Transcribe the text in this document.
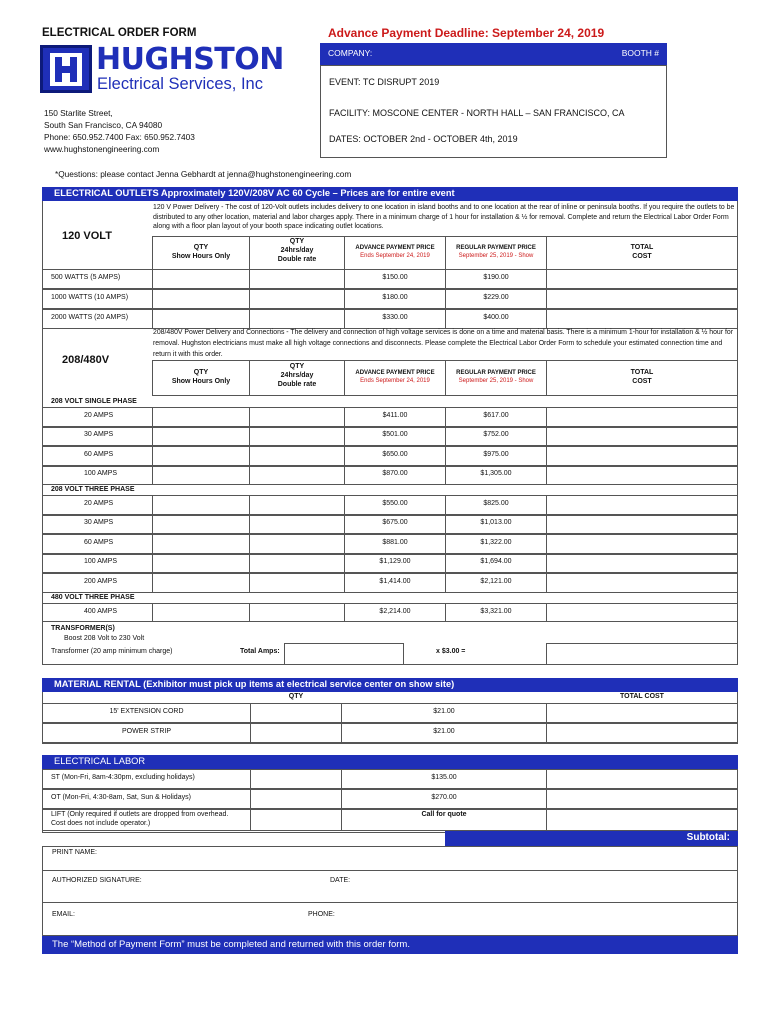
ELECTRICAL ORDER FORM	Advance Payment Deadline: September 24, 2019
HUGHSTON
Electrical Services, Inc
150 Starlite Street,
South San Francisco, CA 94080
Phone: 650.952.7400 Fax: 650.952.7403
www.hughstonengineering.com
COMPANY:	BOOTH #
EVENT: TC DISRUPT 2019
FACILITY: MOSCONE CENTER - NORTH HALL – SAN FRANCISCO, CA
DATES: OCTOBER 2nd - OCTOBER 4th, 2019
*Questions: please contact Jenna Gebhardt at jenna@hughstonengineering.com
ELECTRICAL OUTLETS Approximately 120V/208V AC 60 Cycle – Prices are for entire event
120 VOLT
120 V Power Delivery - The cost of 120-Volt outlets includes delivery to one location in island booths and to one location at the rear of inline or peninsula booths. If you require the outlets to be distributed to any other location, material and labor charges apply. There in a minimum charge of 1 hour for installation & ½ for removal. Complete and return the Electrical Labor Order Form along with a floor plan layout of your booth space indicating outlet locations.
QTY
Show Hours Only
QTY
24hrs/day
Double rate
ADVANCE PAYMENT PRICE
Ends September 24, 2019
REGULAR PAYMENT PRICE
September 25, 2019 - Show
TOTAL
COST
500 WATTS (5 AMPS)	$150.00	$190.00
1000 WATTS (10 AMPS)	$180.00	$229.00
2000 WATTS (20 AMPS)	$330.00	$400.00
208/480V
208/480V Power Delivery and Connections - The delivery and connection of high voltage services is done on a time and material basis. There is a minimum 1-hour for installation & ½ hour for removal. Hughston electricians must make all high voltage connections and disconnects. Please complete the Electrical Labor Order Form to schedule your estimated connection time and return it with this order.
QTY
Show Hours Only
QTY
24hrs/day
Double rate
ADVANCE PAYMENT PRICE
Ends September 24, 2019
REGULAR PAYMENT PRICE
September 25, 2019 - Show
TOTAL
COST
208 VOLT SINGLE PHASE
20 AMPS	$411.00	$617.00
30 AMPS	$501.00	$752.00
60 AMPS	$650.00	$975.00
100 AMPS	$870.00	$1,305.00
208 VOLT THREE PHASE
20 AMPS	$550.00	$825.00
30 AMPS	$675.00	$1,013.00
60 AMPS	$881.00	$1,322.00
100 AMPS	$1,129.00	$1,694.00
200 AMPS	$1,414.00	$2,121.00
480 VOLT THREE PHASE
400 AMPS	$2,214.00	$3,321.00
TRANSFORMER(S)
Boost 208 Volt to 230 Volt
Transformer (20 amp minimum charge)	Total Amps:	x $3.00 =
MATERIAL RENTAL (Exhibitor must pick up items at electrical service center on show site)
QTY	TOTAL COST
15' EXTENSION CORD	$21.00
POWER STRIP	$21.00
ELECTRICAL LABOR
ST (Mon-Fri, 8am-4:30pm, excluding holidays)	$135.00
OT (Mon-Fri, 4:30-8am, Sat, Sun & Holidays)	$270.00
LIFT (Only required if outlets are dropped from overhead. Cost does not include operator.)
Call for quote
Subtotal:
PRINT NAME:
AUTHORIZED SIGNATURE:	DATE:
EMAIL:	PHONE:
The “Method of Payment Form” must be completed and returned with this order form.
